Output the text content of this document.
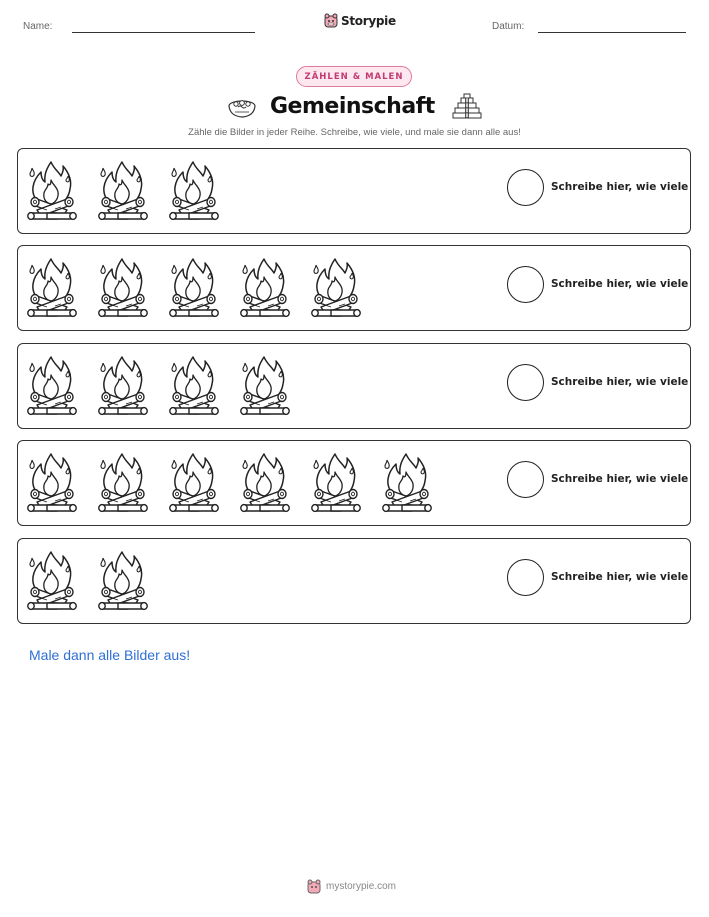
Name:	Storypie	Datum:
ZÄHLEN & MALEN
Gemeinschaft
Zähle die Bilder in jeder Reihe. Schreibe, wie viele, und male sie dann alle aus!
Schreibe hier, wie viele
Schreibe hier, wie viele
Schreibe hier, wie viele
Schreibe hier, wie viele
Schreibe hier, wie viele
Male dann alle Bilder aus!
mystorypie.com
